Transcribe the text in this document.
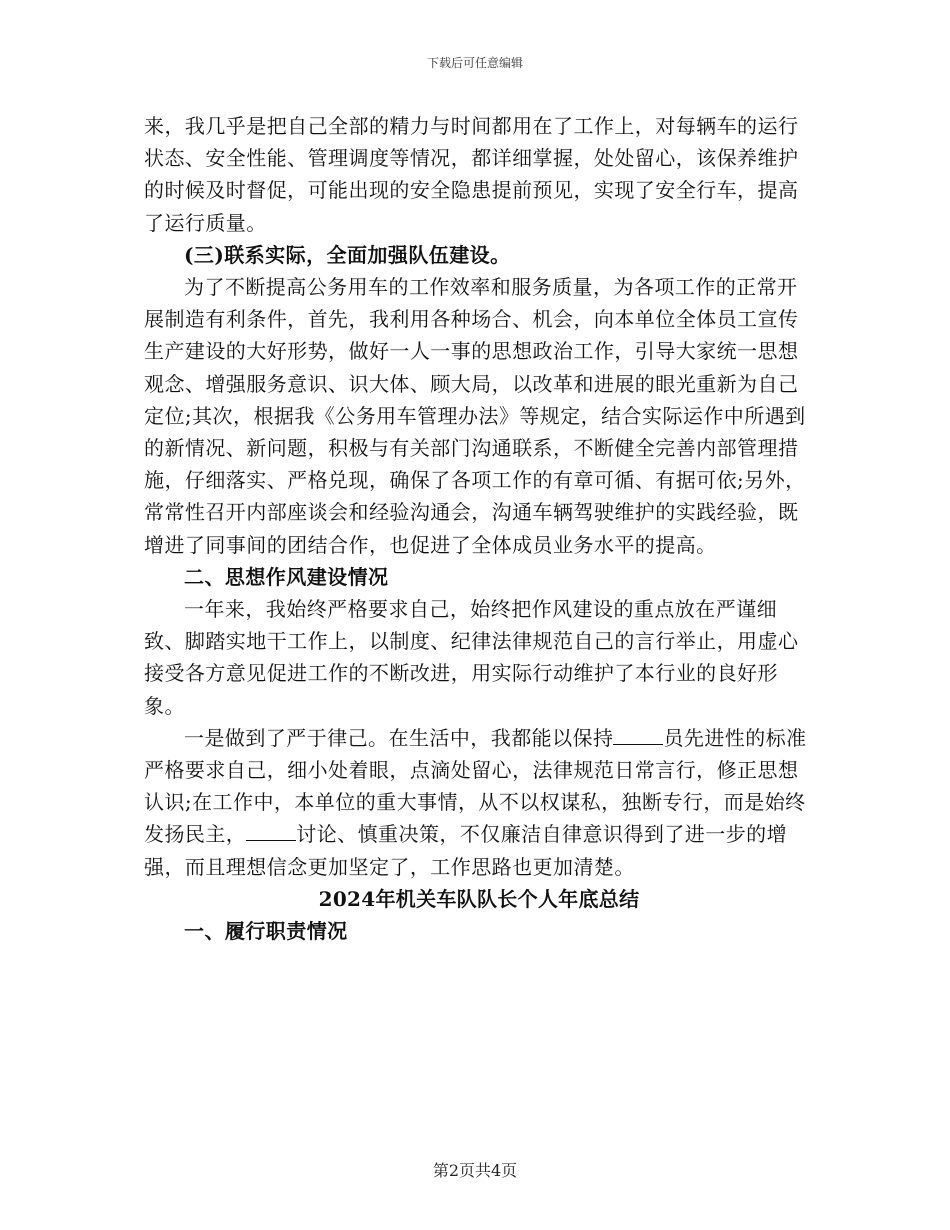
下载后可任意编辑

来，我几乎是把自己全部的精力与时间都用在了工作上，对每辆车的运行状态、安全性能、管理调度等情况，都详细掌握，处处留心，该保养维护的时候及时督促，可能出现的安全隐患提前预见，实现了安全行车，提高了运行质量。

(三)联系实际，全面加强队伍建设。

为了不断提高公务用车的工作效率和服务质量，为各项工作的正常开展制造有利条件，首先，我利用各种场合、机会，向本单位全体员工宣传生产建设的大好形势，做好一人一事的思想政治工作，引导大家统一思想观念、增强服务意识、识大体、顾大局，以改革和进展的眼光重新为自己定位;其次，根据我《公务用车管理办法》等规定，结合实际运作中所遇到的新情况、新问题，积极与有关部门沟通联系，不断健全完善内部管理措施，仔细落实、严格兑现，确保了各项工作的有章可循、有据可依;另外，常常性召开内部座谈会和经验沟通会，沟通车辆驾驶维护的实践经验，既增进了同事间的团结合作，也促进了全体成员业务水平的提高。

二、思想作风建设情况

一年来，我始终严格要求自己，始终把作风建设的重点放在严谨细致、脚踏实地干工作上，以制度、纪律法律规范自己的言行举止，用虚心接受各方意见促进工作的不断改进，用实际行动维护了本行业的良好形象。

一是做到了严于律己。在生活中，我都能以保持	员先进性的标准严格要求自己，细小处着眼，点滴处留心，法律规范日常言行，修正思想认识;在工作中，本单位的重大事情，从不以权谋私，独断专行，而是始终发扬民主，	讨论、慎重决策，不仅廉洁自律意识得到了进一步的增强，而且理想信念更加坚定了，工作思路也更加清楚。

2024年机关车队队长个人年底总结

一、履行职责情况

第2页共4页
